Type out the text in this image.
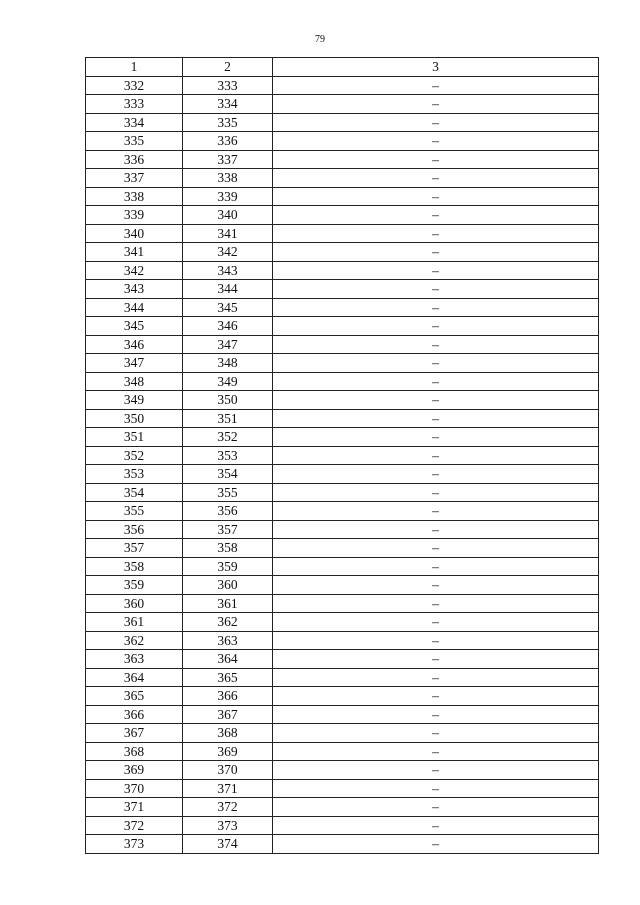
79
1	2	3
332	333	–
333	334	–
334	335	–
335	336	–
336	337	–
337	338	–
338	339	–
339	340	–
340	341	–
341	342	–
342	343	–
343	344	–
344	345	–
345	346	–
346	347	–
347	348	–
348	349	–
349	350	–
350	351	–
351	352	–
352	353	–
353	354	–
354	355	–
355	356	–
356	357	–
357	358	–
358	359	–
359	360	–
360	361	–
361	362	–
362	363	–
363	364	–
364	365	–
365	366	–
366	367	–
367	368	–
368	369	–
369	370	–
370	371	–
371	372	–
372	373	–
373	374	–
